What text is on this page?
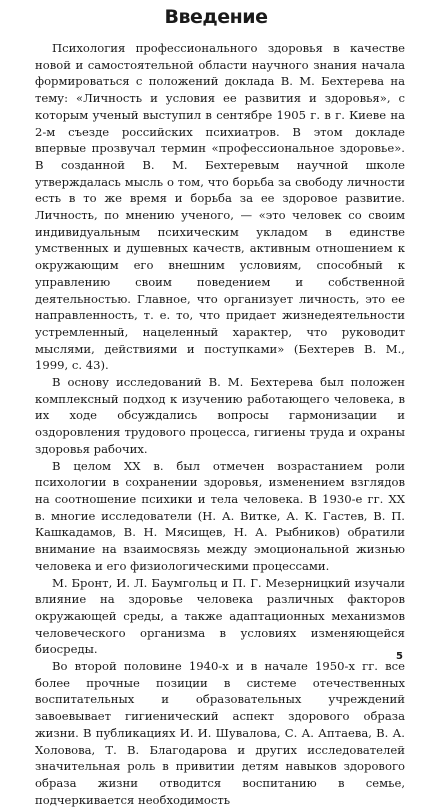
Введение

Психология профессионального здоровья в качестве новой и самостоятельной области научного знания начала формироваться с положений доклада В. М. Бехтерева на тему: «Личность и условия ее развития и здоровья», с которым ученый выступил в сентябре 1905 г. в г. Киеве на 2-м съезде российских психиатров. В этом докладе впервые прозвучал термин «профессиональное здоровье». В созданной В. М. Бехтеревым научной школе утверждалась мысль о том, что борьба за свободу личности есть в то же время и борьба за ее здоровое развитие. Личность, по мнению ученого, — «это человек со своим индивидуальным психическим укладом в единстве умственных и душевных качеств, активным отношением к окружающим его внешним условиям, способный к управлению своим поведением и собственной деятельностью. Главное, что организует личность, это ее направленность, т. е. то, что придает жизнедеятельности устремленный, нацеленный характер, что руководит мыслями, действиями и поступками» (Бехтерев В. М., 1999, с. 43).

В основу исследований В. М. Бехтерева был положен комплексный подход к изучению работающего человека, в их ходе обсуждались вопросы гармонизации и оздоровления трудового процесса, гигиены труда и охраны здоровья рабочих.

В целом XX в. был отмечен возрастанием роли психологии в сохранении здоровья, изменением взглядов на соотношение психики и тела человека. В 1930-е гг. XX в. многие исследователи (Н. А. Витке, А. К. Гастев, В. П. Кашкадамов, В. Н. Мясищев, Н. А. Рыбников) обратили внимание на взаимосвязь между эмоциональной жизнью человека и его физиологическими процессами.

М. Бронт, И. Л. Баумгольц и П. Г. Мезерницкий изучали влияние на здоровье человека различных факторов окружающей среды, а также адаптационных механизмов человеческого организма в условиях изменяющейся биосреды.

Во второй половине 1940-х и в начале 1950-х гг. все более прочные позиции в системе отечественных воспитательных и образовательных учреждений завоевывает гигиенический аспект здорового образа жизни. В публикациях И. И. Шувалова, С. А. Аптаева, В. А. Холовова, Т. В. Благодарова и других исследователей значительная роль в привитии детям навыков здорового образа жизни отводится воспитанию в семье, подчеркивается необходимость

5
